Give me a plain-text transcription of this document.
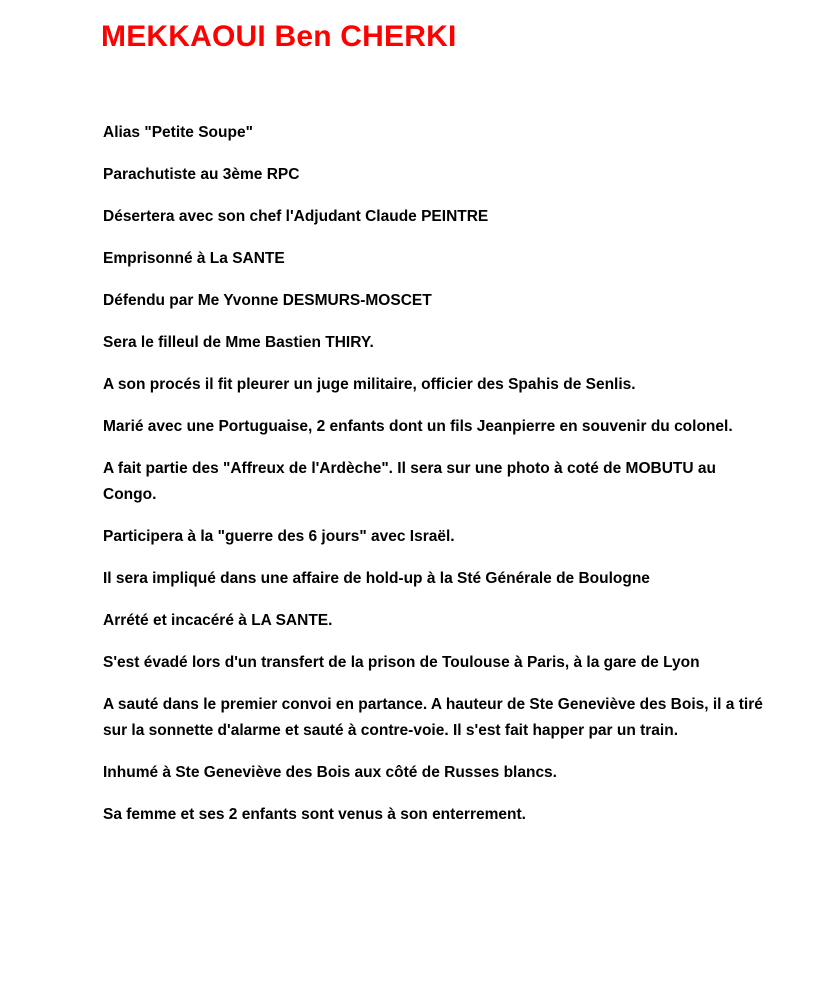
MEKKAOUI Ben CHERKI

Alias "Petite Soupe"

Parachutiste au 3ème RPC

Désertera avec son chef l'Adjudant Claude PEINTRE

Emprisonné à La SANTE

Défendu par Me Yvonne DESMURS-MOSCET

Sera le filleul de Mme Bastien THIRY.

A son procés il fit pleurer un juge militaire, officier des Spahis de Senlis.

Marié avec une Portuguaise, 2 enfants dont un fils Jeanpierre en souvenir du colonel.

A fait partie des "Affreux de l'Ardèche". Il sera sur une photo à coté de MOBUTU au Congo.

Participera à la "guerre des 6 jours" avec Israël.

Il sera impliqué dans une affaire de hold-up à la Sté Générale de Boulogne

Arrété et incacéré à LA SANTE.

S'est évadé lors d'un transfert de la prison de Toulouse à Paris, à la gare de Lyon

A sauté dans le premier convoi en partance. A hauteur de Ste Geneviève des Bois, il a tiré sur la sonnette d'alarme et sauté à contre-voie. Il s'est fait happer par un train.

Inhumé à Ste Geneviève des Bois aux côté de Russes blancs.

Sa femme et ses 2 enfants sont venus à son enterrement.
